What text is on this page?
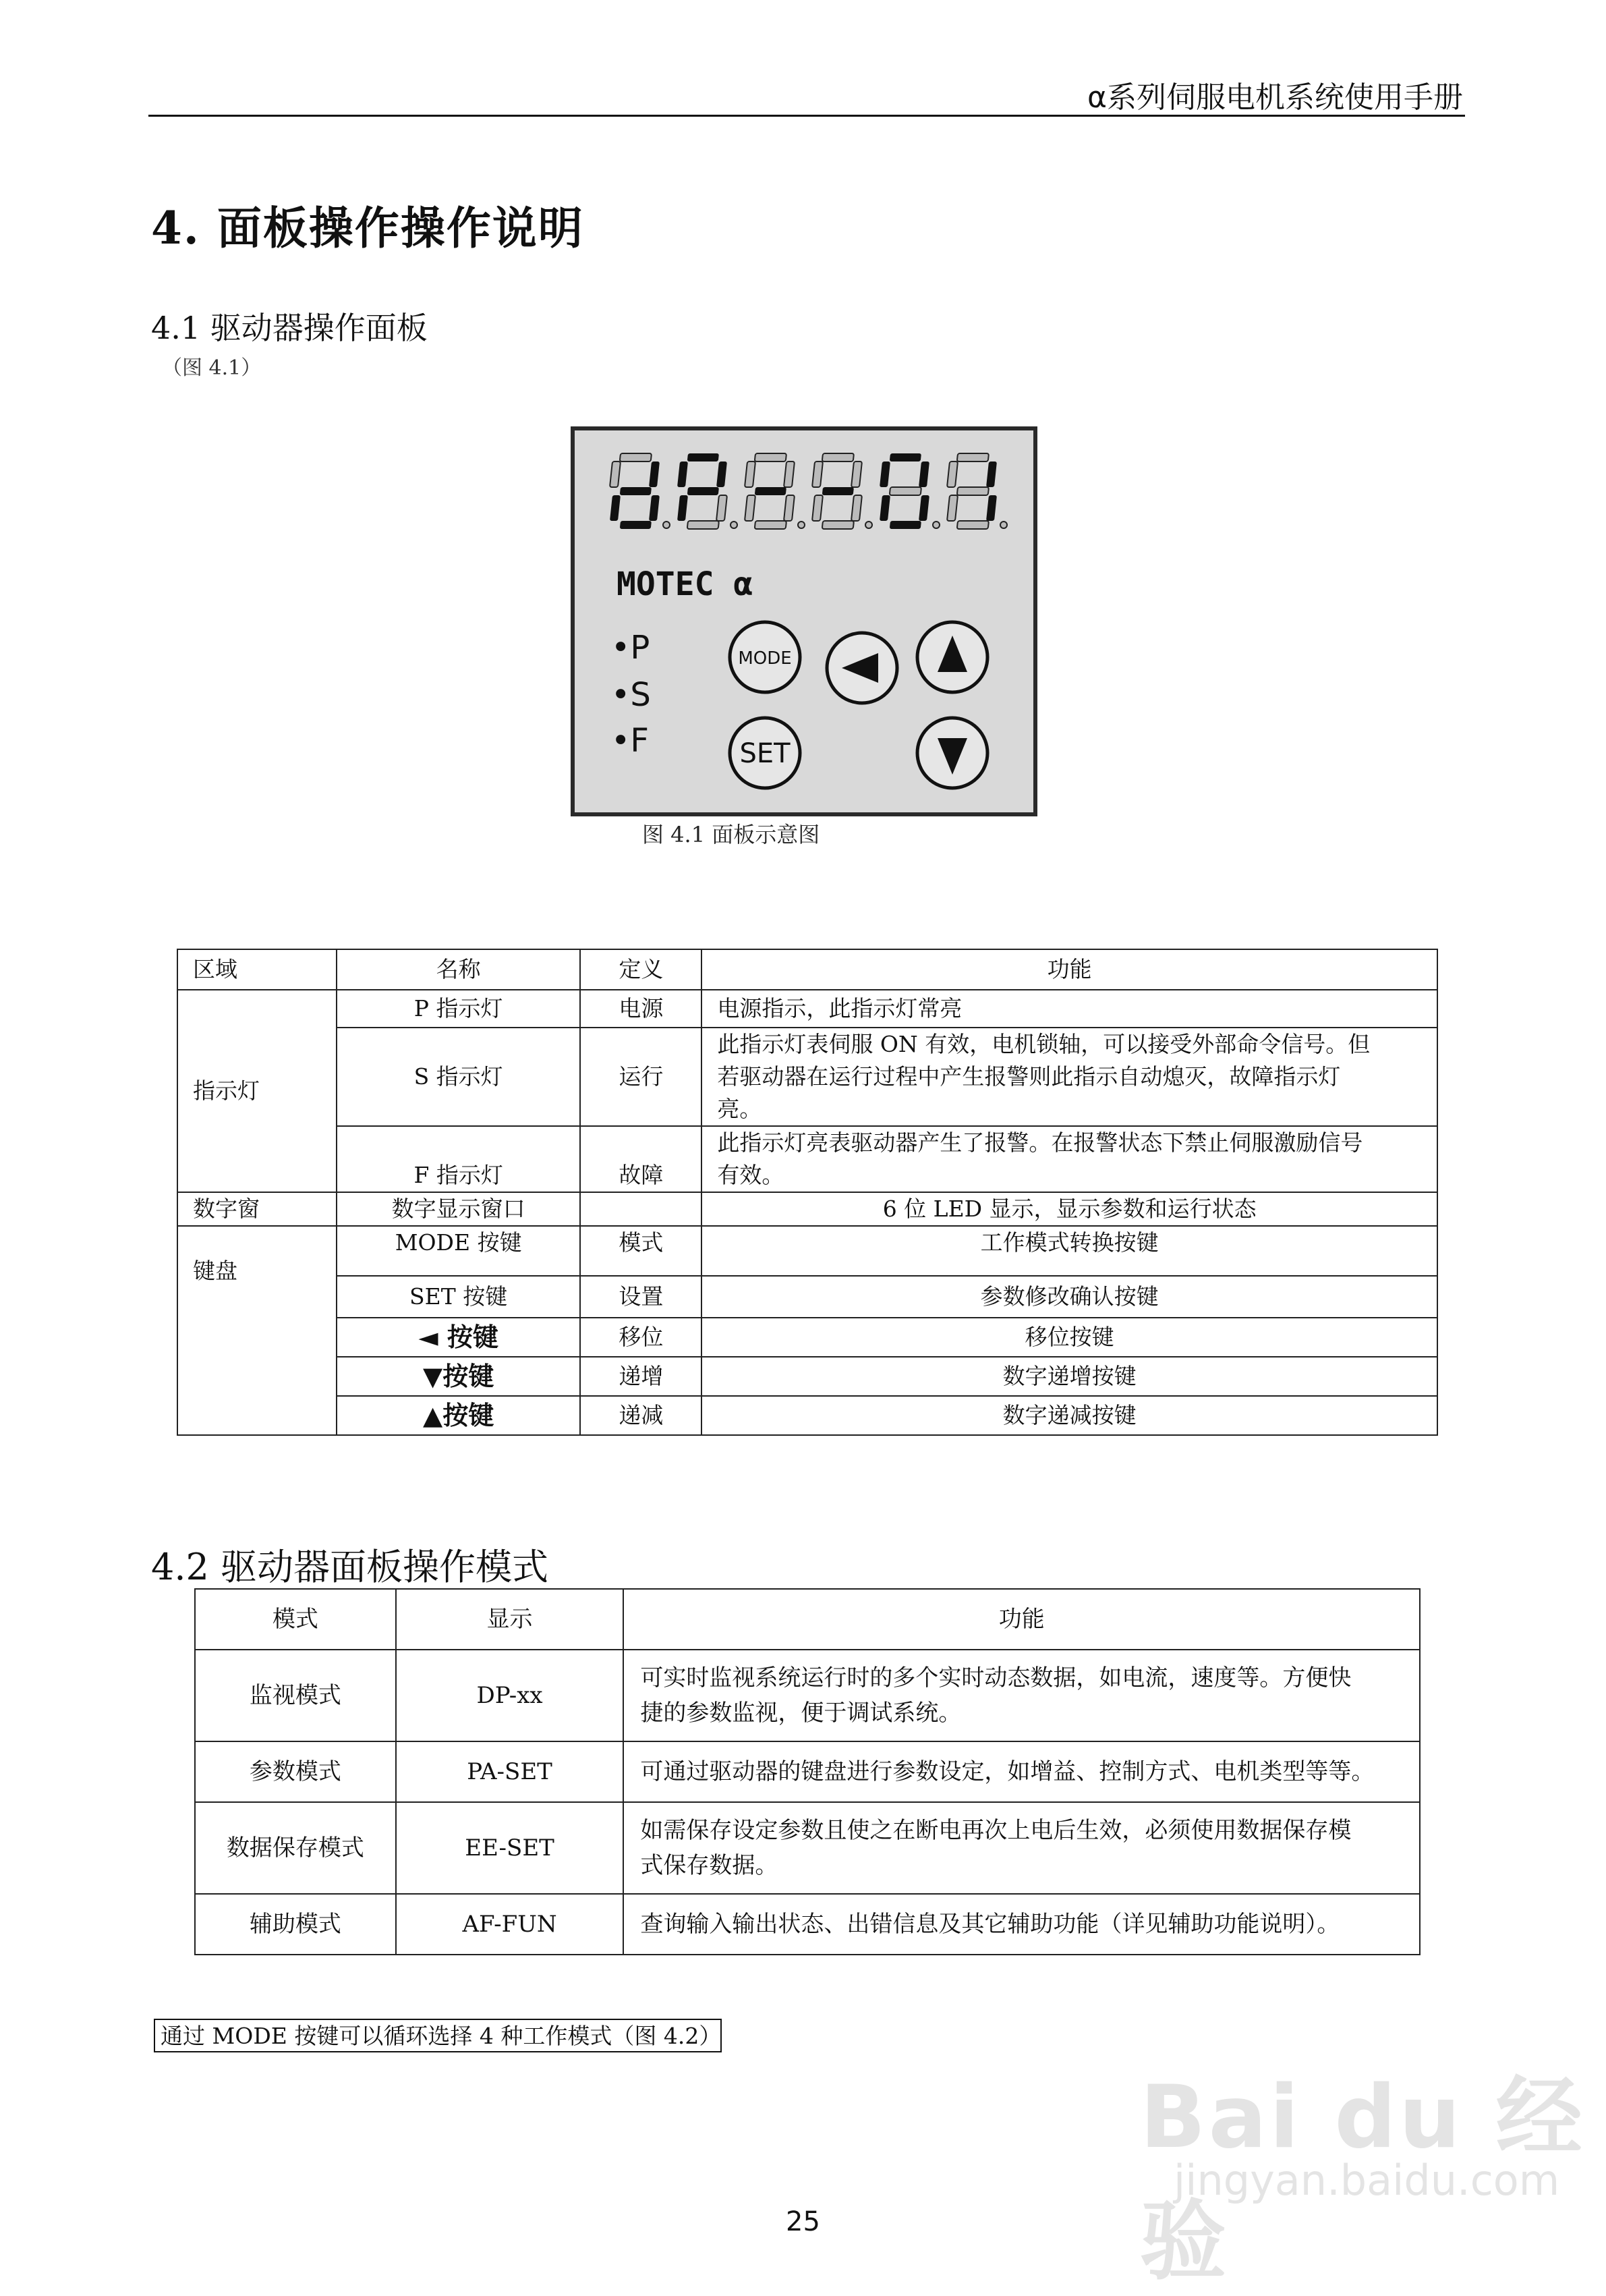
α系列伺服电机系统使用手册
4. 面板操作操作说明
4.1 驱动器操作面板
（图 4.1）
MOTEC α
•P
•S
•F
MODE
SET
图 4.1 面板示意图
区域	名称	定义	功能
指示灯	P 指示灯	电源	电源指示，此指示灯常亮
	S 指示灯	运行	此指示灯表伺服 ON 有效，电机锁轴，可以接受外部命令信号。但
若驱动器在运行过程中产生报警则此指示自动熄灭，故障指示灯
亮。

	F 指示灯	故障	此指示灯亮表驱动器产生了报警。在报警状态下禁止伺服激励信号
有效。

数字窗	数字显示窗口		6 位 LED 显示，显示参数和运行状态
键盘	MODE 按键	模式	工作模式转换按键
	SET 按键	设置	参数修改确认按键
	◄ 按键	移位	移位按键
	▼按键	递增	数字递增按键
	▲按键	递减	数字递减按键
4.2 驱动器面板操作模式
模式	显示	功能
监视模式	DP-xx	可实时监视系统运行时的多个实时动态数据，如电流，速度等。方便快
捷的参数监视，便于调试系统。

参数模式	PA-SET	可通过驱动器的键盘进行参数设定，如增益、控制方式、电机类型等等。

数据保存模式	EE-SET	如需保存设定参数且使之在断电再次上电后生效，必须使用数据保存模
式保存数据。

辅助模式	AF-FUN	查询输入输出状态、出错信息及其它辅助功能（详见辅助功能说明）。
通过 MODE 按键可以循环选择 4 种工作模式（图 4.2）
Bai du 经验
jingyan.baidu.com
25
